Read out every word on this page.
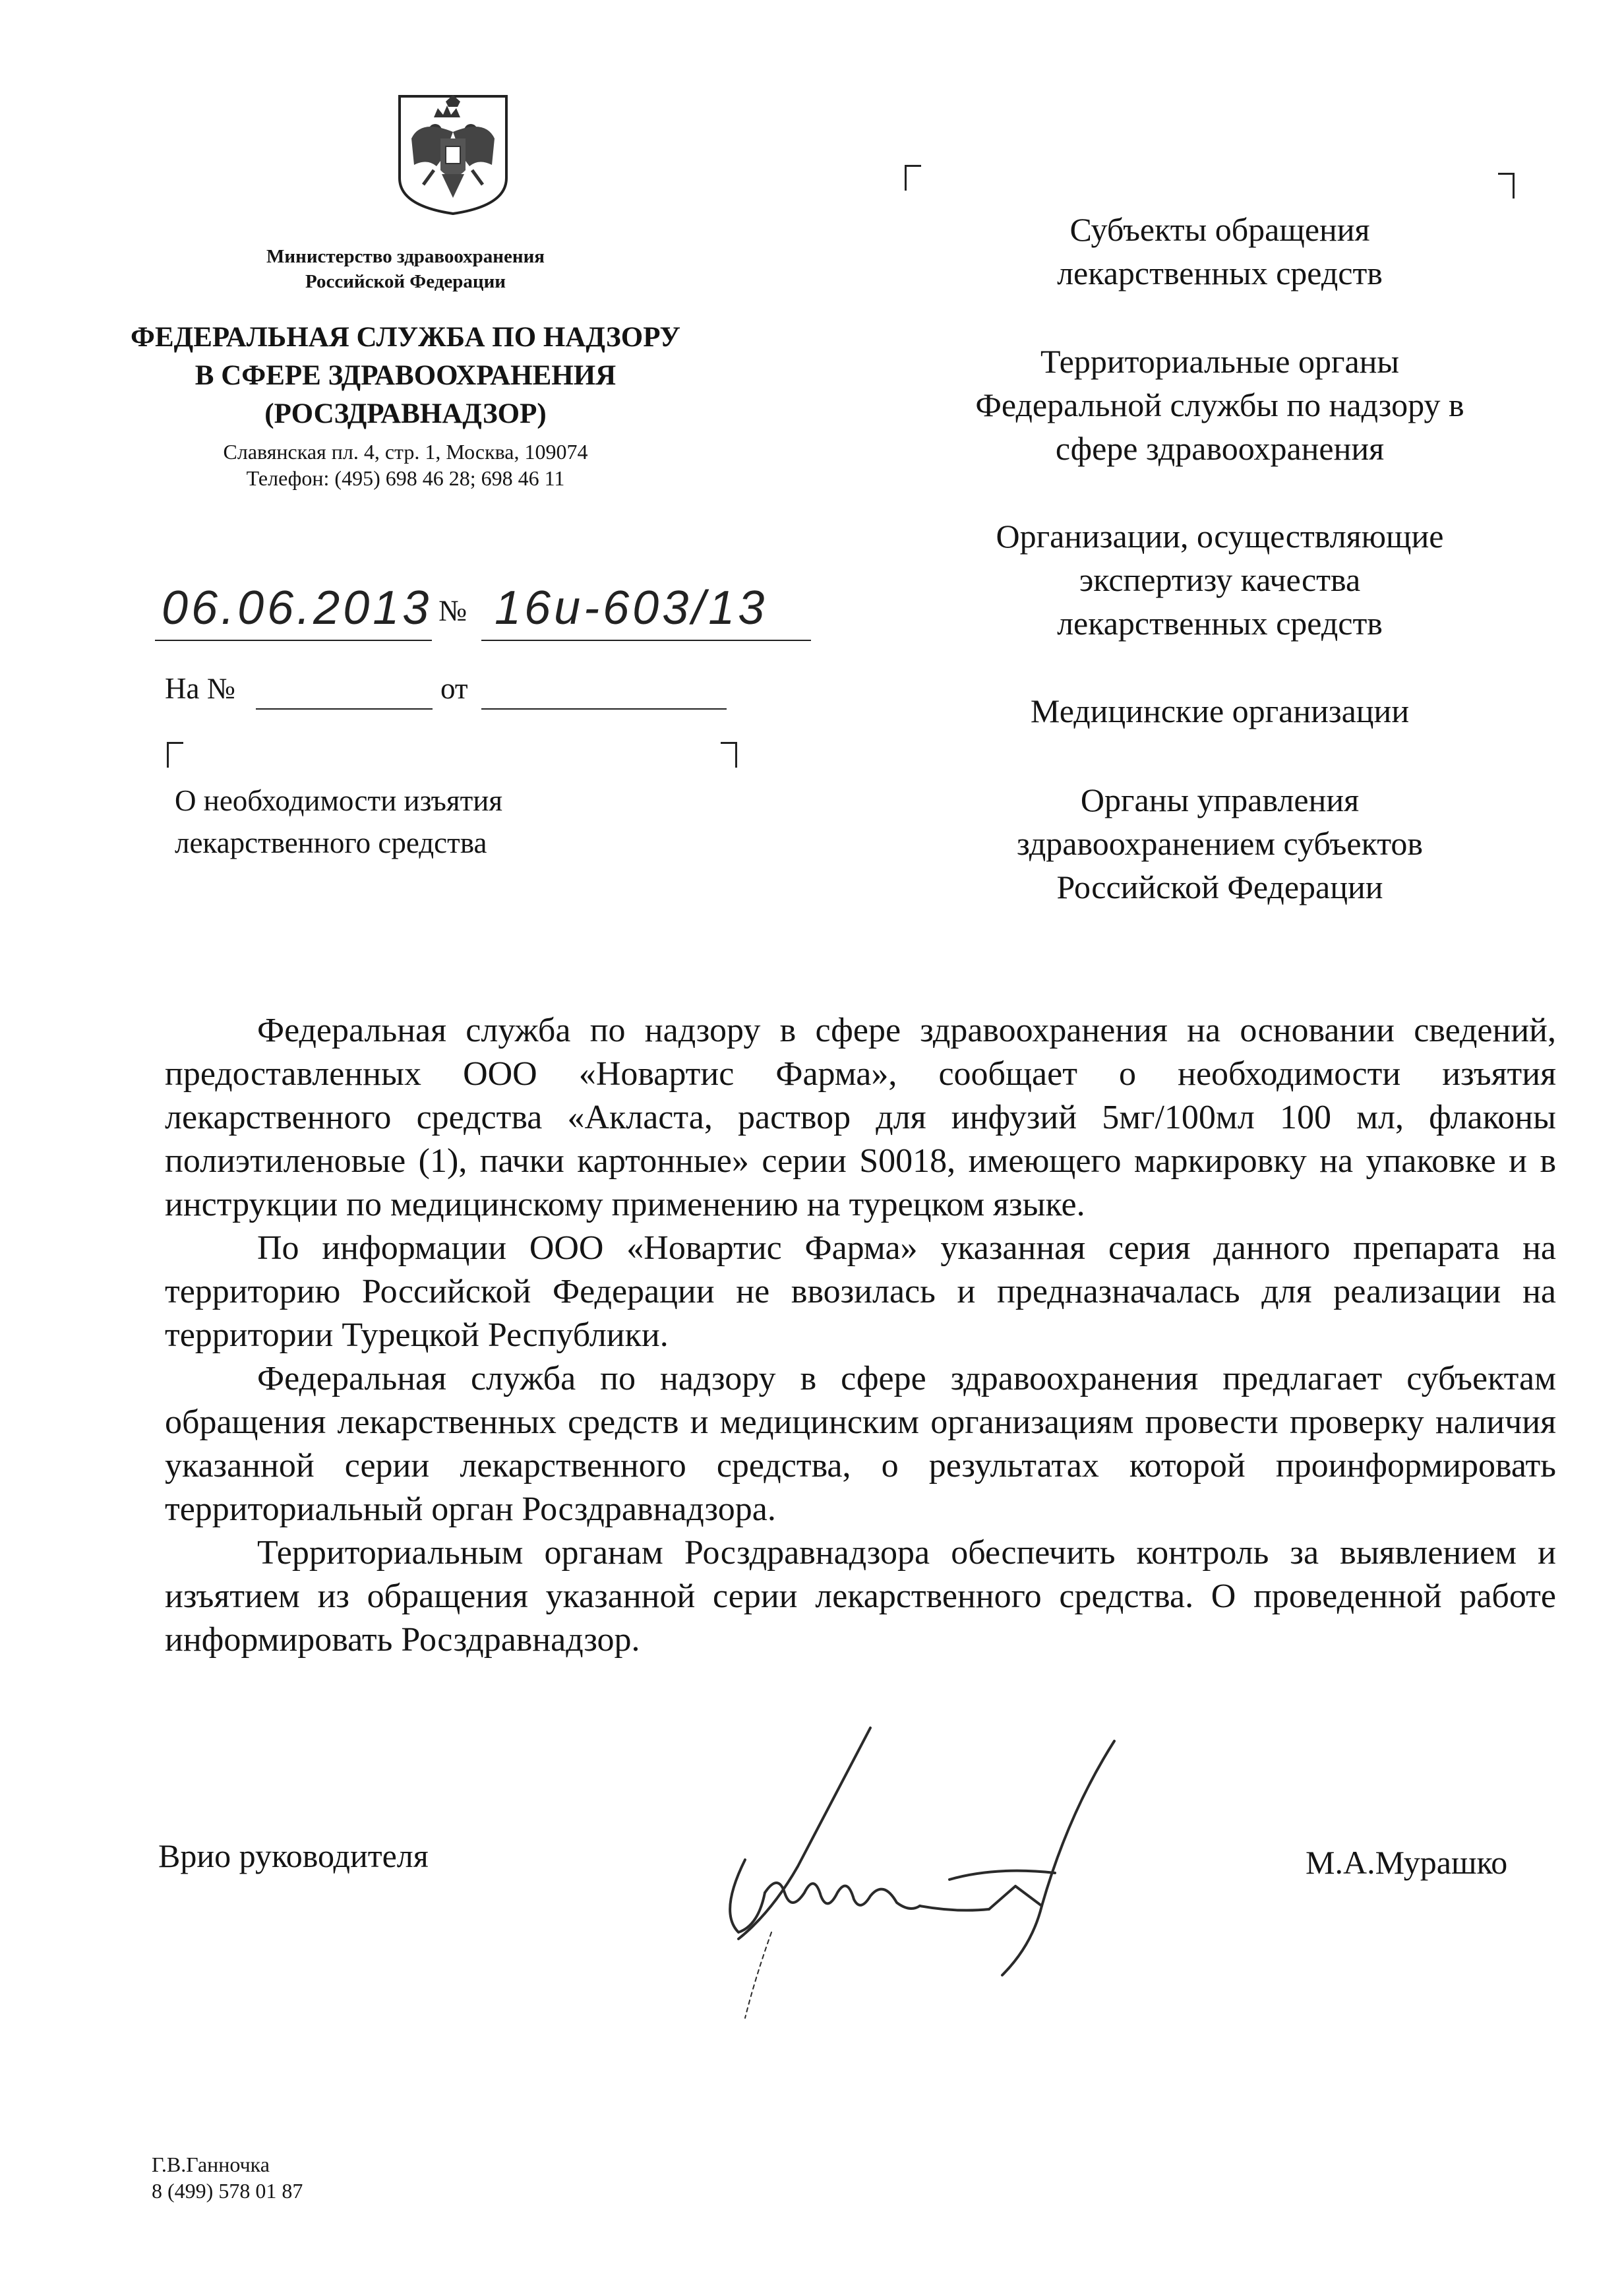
Министерство здравоохранения
Российской Федерации
ФЕДЕРАЛЬНАЯ СЛУЖБА ПО НАДЗОРУ
В СФЕРЕ ЗДРАВООХРАНЕНИЯ
(РОСЗДРАВНАДЗОР)
Славянская пл. 4, стр. 1, Москва, 109074
Телефон: (495) 698 46 28; 698 46 11
06.06.2013 № 16и-603/13
На №	от
О необходимости изъятия
лекарственного средства
Субъекты обращения
лекарственных средств
Территориальные органы
Федеральной службы по надзору в
сфере здравоохранения
Организации, осуществляющие
экспертизу качества
лекарственных средств
Медицинские организации
Органы управления
здравоохранением субъектов
Российской Федерации

Федеральная служба по надзору в сфере здравоохранения на основании сведений, предоставленных ООО «Новартис Фарма», сообщает о необходимости изъятия лекарственного средства «Акласта, раствор для инфузий 5мг/100мл 100 мл, флаконы полиэтиленовые (1), пачки картонные» серии S0018, имеющего маркировку на упаковке и в инструкции по медицинскому применению на турецком языке.

По информации ООО «Новартис Фарма» указанная серия данного препарата на территорию Российской Федерации не ввозилась и предназначалась для реализации на территории Турецкой Республики.

Федеральная служба по надзору в сфере здравоохранения предлагает субъектам обращения лекарственных средств и медицинским организациям провести проверку наличия указанной серии лекарственного средства, о результатах которой проинформировать территориальный орган Росздравнадзора.

Территориальным органам Росздравнадзора обеспечить контроль за выявлением и изъятием из обращения указанной серии лекарственного средства. О проведенной работе информировать Росздравнадзор.

Врио руководителя	М.А.Мурашко
Г.В.Ганночка
8 (499) 578 01 87
